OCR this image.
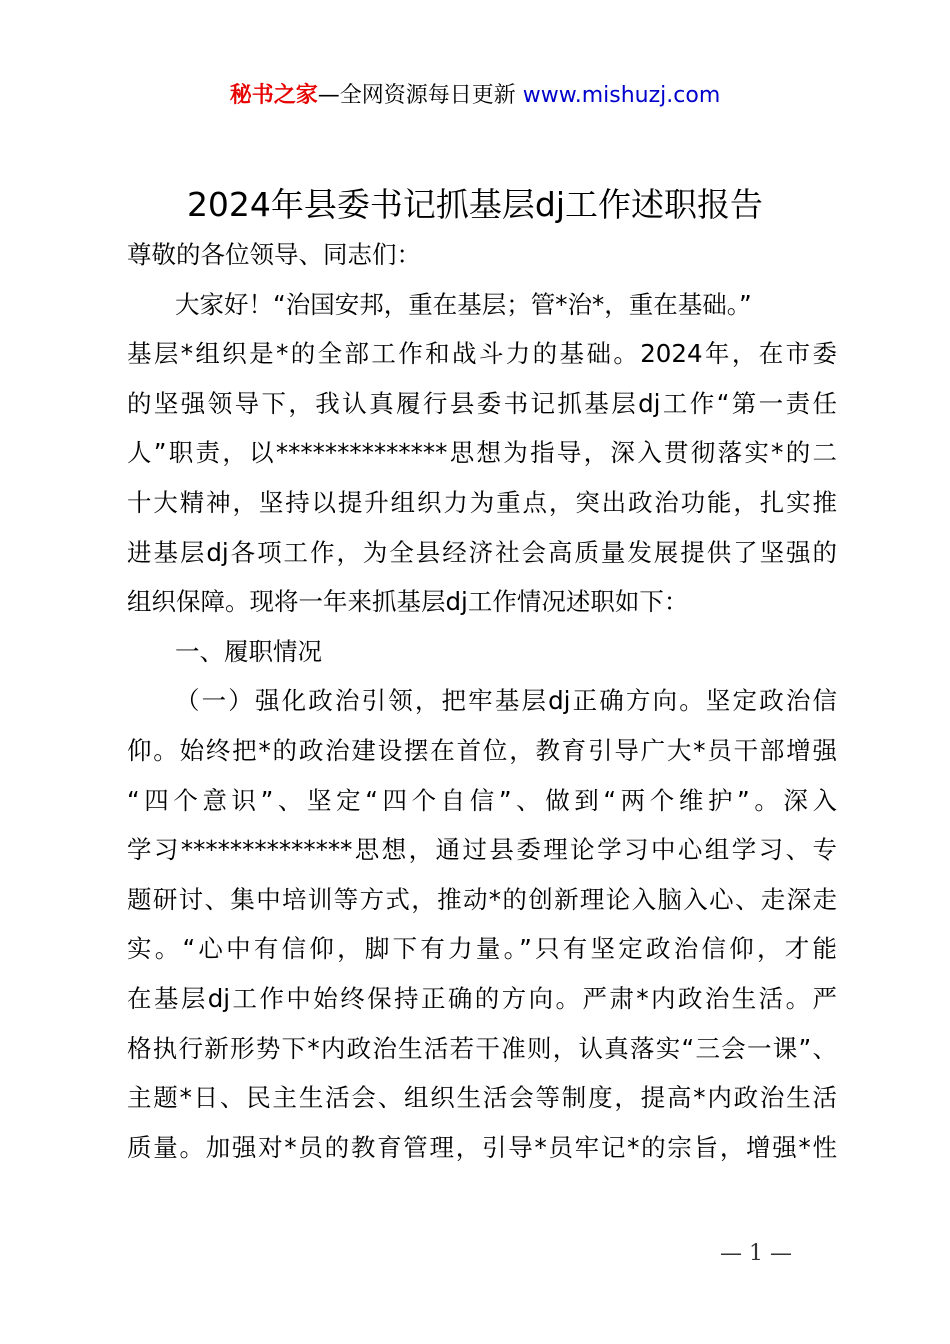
秘书之家—全网资源每日更新 www.mishuzj.com
2024年县委书记抓基层dj工作述职报告
尊敬的各位领导、同志们：
大家好！“治国安邦，重在基层；管*治*，重在基础。”
基层*组织是*的全部工作和战斗力的基础。2024年，在市委
的坚强领导下，我认真履行县委书记抓基层dj工作“第一责任
人”职责，以**************思想为指导，深入贯彻落实*的二
十大精神，坚持以提升组织力为重点，突出政治功能，扎实推
进基层dj各项工作，为全县经济社会高质量发展提供了坚强的
组织保障。现将一年来抓基层dj工作情况述职如下：
一、履职情况
（一）强化政治引领，把牢基层dj正确方向。坚定政治信
仰。始终把*的政治建设摆在首位，教育引导广大*员干部增强
“四个意识”、坚定“四个自信”、做到“两个维护”。深入
学习**************思想，通过县委理论学习中心组学习、专
题研讨、集中培训等方式，推动*的创新理论入脑入心、走深走
实。“心中有信仰，脚下有力量。”只有坚定政治信仰，才能
在基层dj工作中始终保持正确的方向。严肃*内政治生活。严
格执行新形势下*内政治生活若干准则，认真落实“三会一课”、
主题*日、民主生活会、组织生活会等制度，提高*内政治生活
质量。加强对*员的教育管理，引导*员牢记*的宗旨，增强*性
— 1 —
